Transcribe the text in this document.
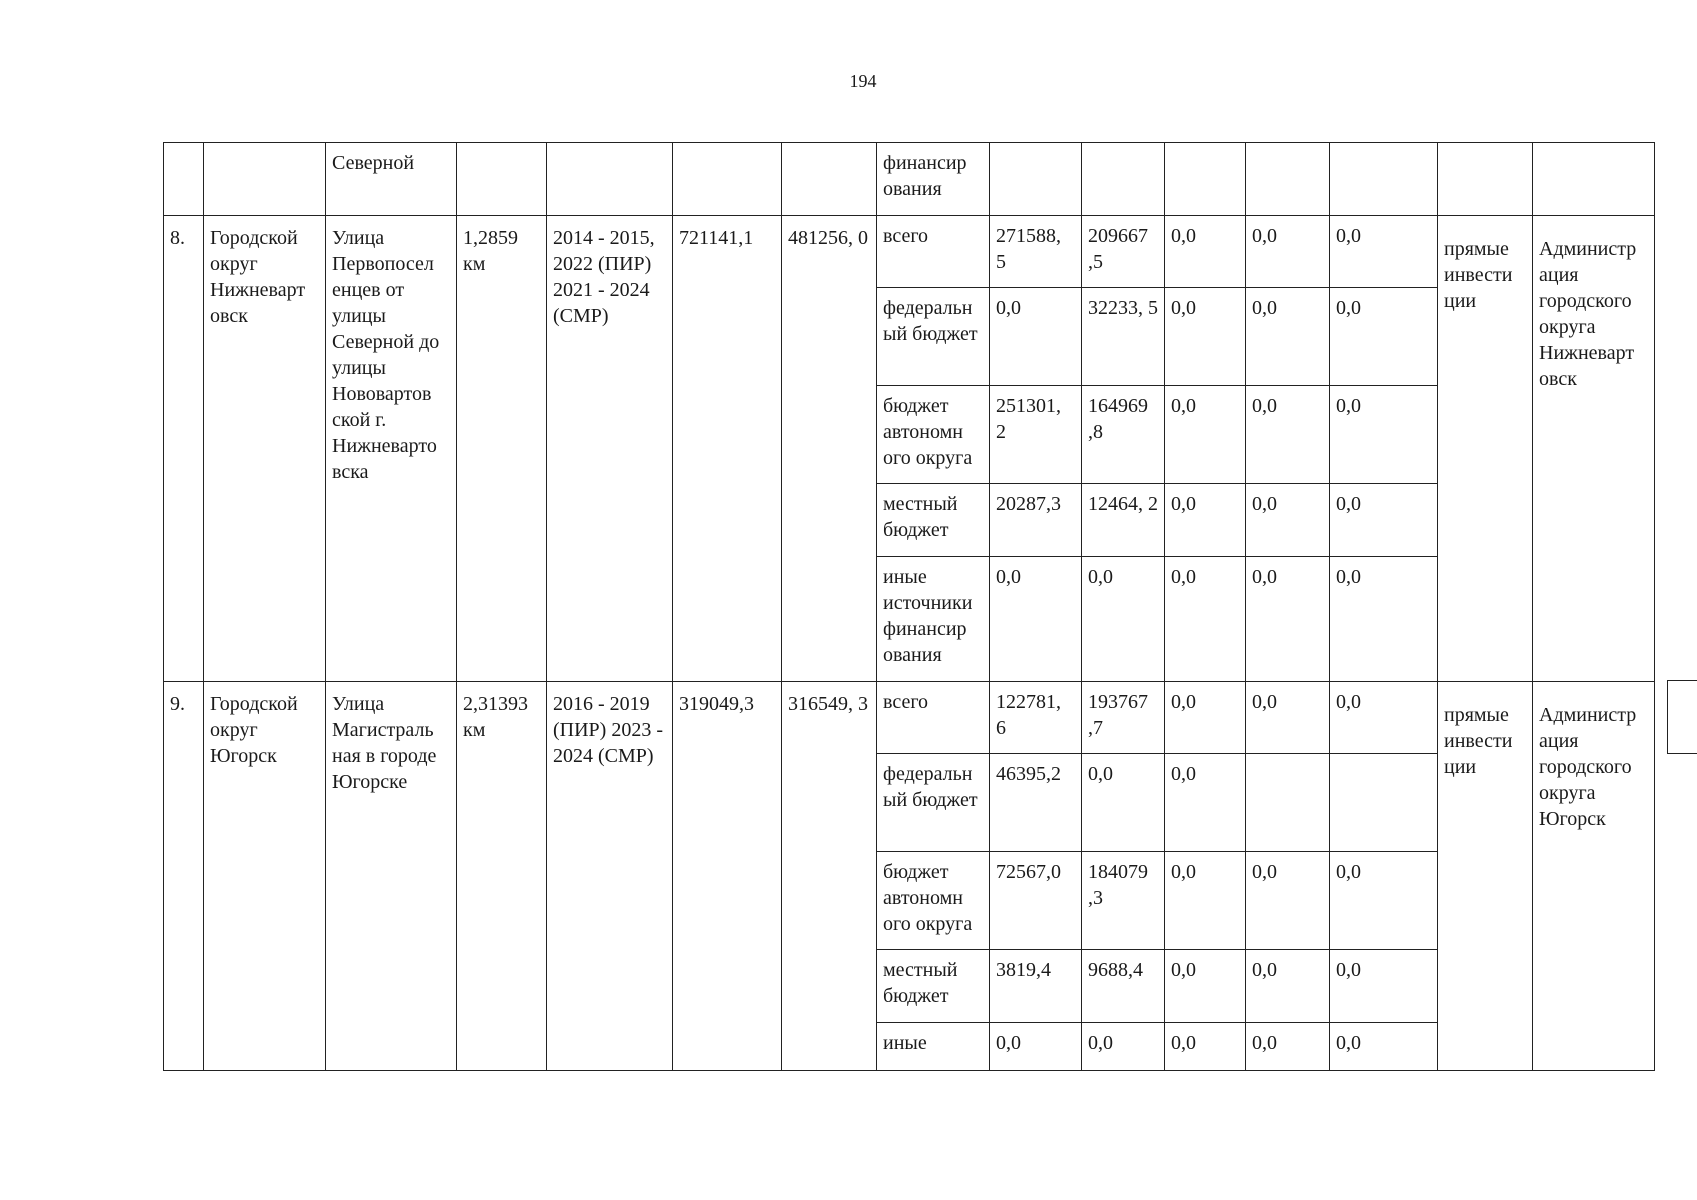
194
		Северной					финансир ования							
8.	Городской округ Нижневарт овск	Улица Первопосел енцев от улицы Северной до улицы Нововартов ской г. Нижневарто вска	1,2859 км	2014 - 2015, 2022 (ПИР) 2021 - 2024 (СМР)	721141,1	481256, 0	всего	271588, 5	209667 ,5	0,0	0,0	0,0	прямые инвести ции	Администр ация городского округа Нижневарт овск
							федеральн ый бюджет	0,0	32233, 5	0,0	0,0	0,0		
							бюджет автономн ого округа	251301, 2	164969 ,8	0,0	0,0	0,0		
							местный бюджет	20287,3	12464, 2	0,0	0,0	0,0		
							иные источники финансир ования	0,0	0,0	0,0	0,0	0,0		
9.	Городской округ Югорск	Улица Магистраль ная в городе Югорске	2,31393 км	2016 - 2019 (ПИР) 2023 - 2024 (СМР)	319049,3	316549, 3	всего	122781, 6	193767 ,7	0,0	0,0	0,0	прямые инвести ции	Администр ация городского округа Югорск
							федеральн ый бюджет	46395,2	0,0	0,0				
							бюджет автономн ого округа	72567,0	184079 ,3	0,0	0,0	0,0		
							местный бюджет	3819,4	9688,4	0,0	0,0	0,0		
							иные	0,0	0,0	0,0	0,0	0,0		
